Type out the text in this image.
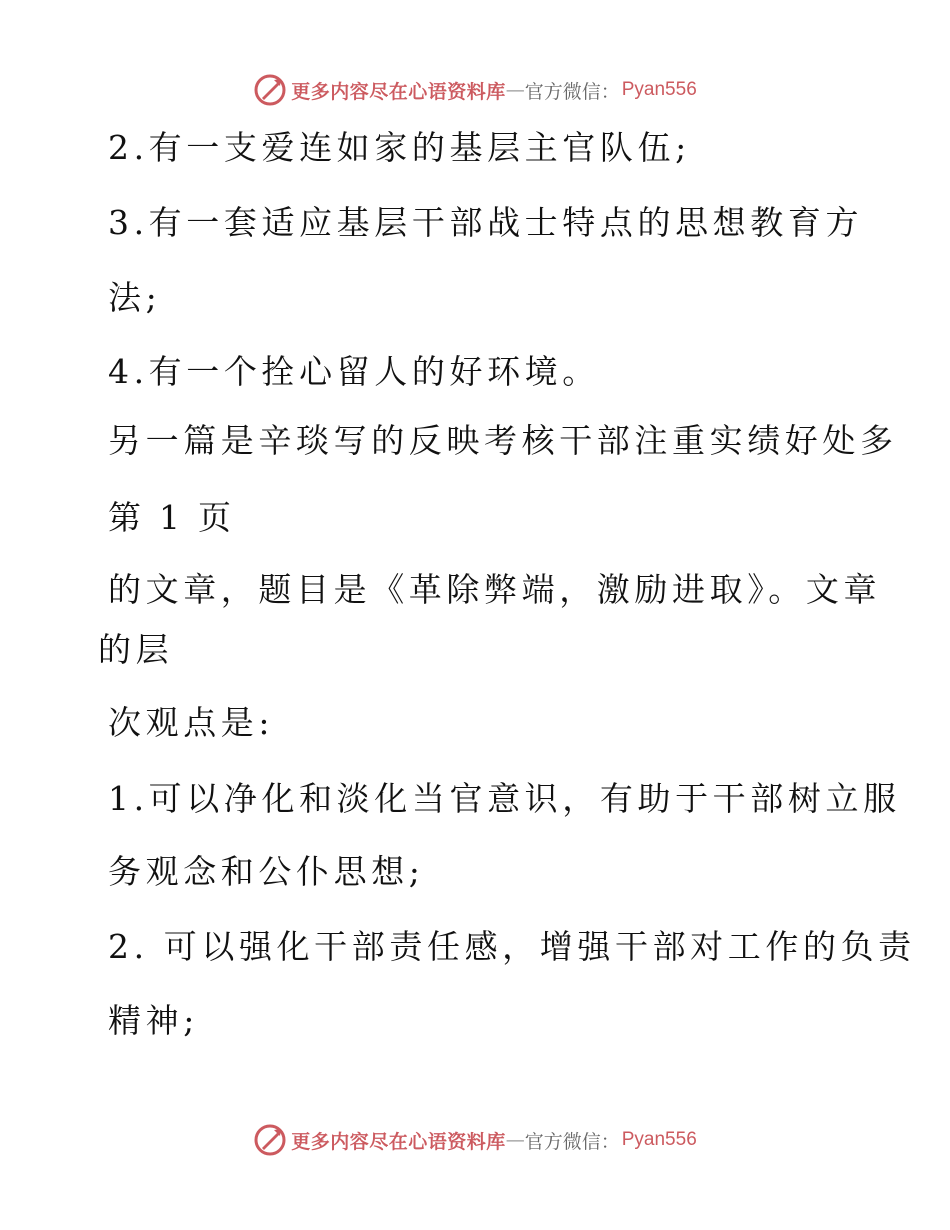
更多内容尽在心语资料库 — 官方微信： Pyan556
2.有一支爱连如家的基层主官队伍;
3.有一套适应基层干部战士特点的思想教育方
法;
4.有一个拴心留人的好环境。
另一篇是辛琰写的反映考核干部注重实绩好处多
第 1 页
的文章，题目是《革除弊端，激励进取》。文章
的层
次观点是:
1.可以净化和淡化当官意识，有助于干部树立服
务观念和公仆思想;
2. 可以强化干部责任感，增强干部对工作的负责
精神;
更多内容尽在心语资料库 — 官方微信： Pyan556
